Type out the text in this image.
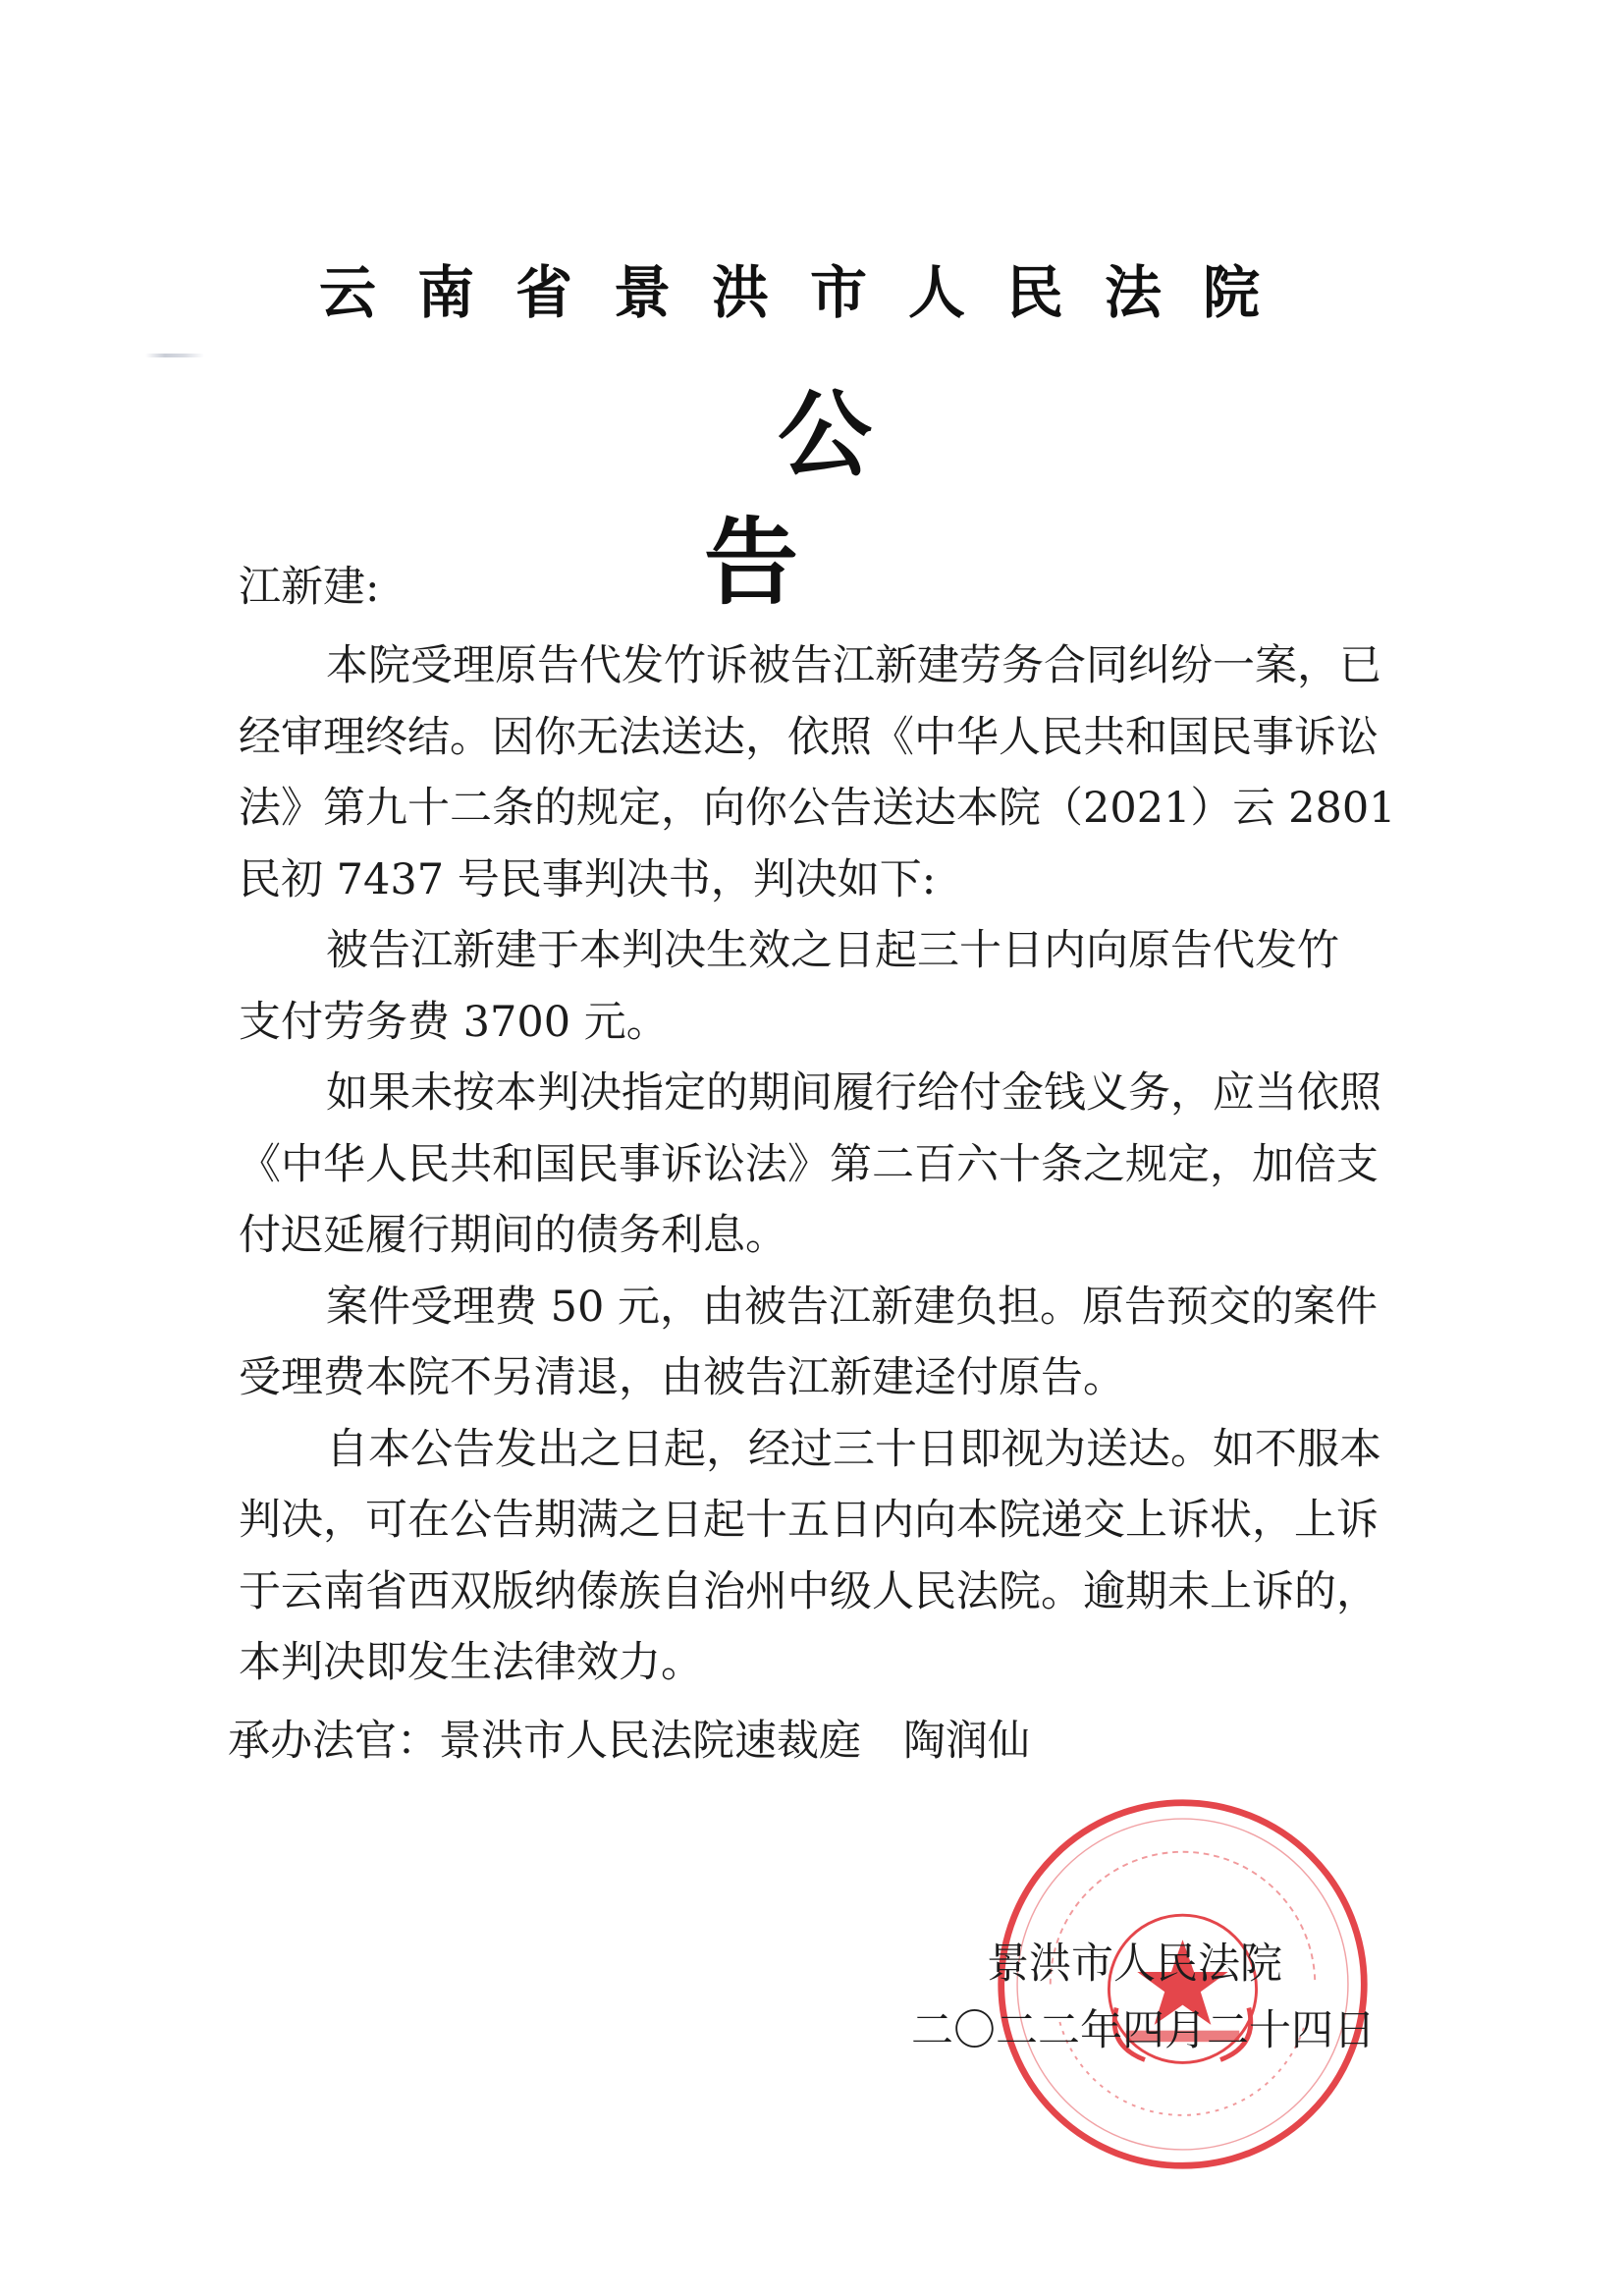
云南省景洪市人民法院
公告
江新建:
本院受理原告代发竹诉被告江新建劳务合同纠纷一案，已
经审理终结。因你无法送达，依照《中华人民共和国民事诉讼
法》第九十二条的规定，向你公告送达本院（2021）云 2801
民初 7437 号民事判决书，判决如下:
被告江新建于本判决生效之日起三十日内向原告代发竹
支付劳务费 3700 元。
如果未按本判决指定的期间履行给付金钱义务，应当依照
《中华人民共和国民事诉讼法》第二百六十条之规定，加倍支
付迟延履行期间的债务利息。
案件受理费 50 元，由被告江新建负担。原告预交的案件
受理费本院不另清退，由被告江新建迳付原告。
自本公告发出之日起，经过三十日即视为送达。如不服本
判决，可在公告期满之日起十五日内向本院递交上诉状，上诉
于云南省西双版纳傣族自治州中级人民法院。逾期未上诉的，
本判决即发生法律效力。
承办法官：景洪市人民法院速裁庭　陶润仙
景洪市人民法院
二〇二二年四月二十四日
